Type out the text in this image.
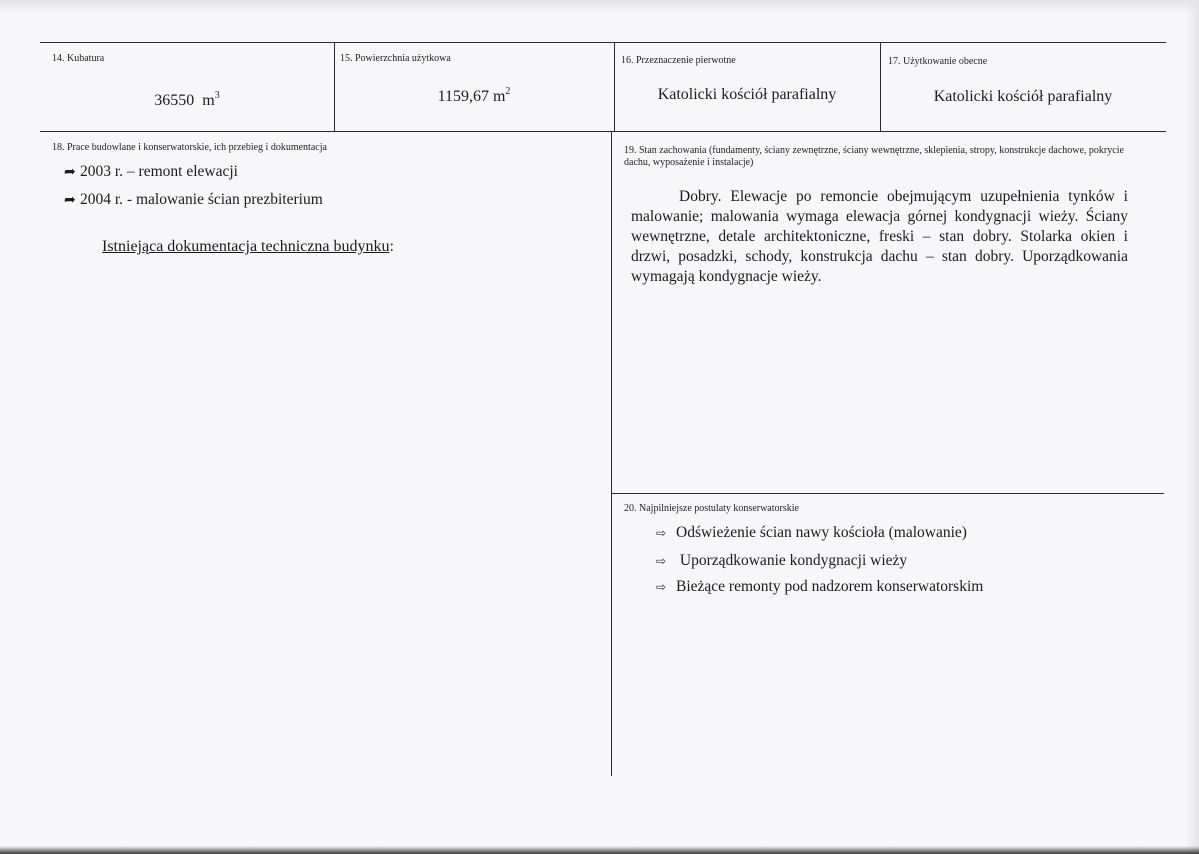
14. Kubatura
36550 $m^3$
15. Powierzchnia użytkowa
1159,67 $m^2$
16. Przeznaczenie pierwotne
Katolicki kościół parafialny
17. Użytkowanie obecne
Katolicki kościół parafialny
18. Prace budowlane i konserwatorskie, ich przebieg i dokumentacja
➦ 2003 r. – remont elewacji
➦ 2004 r. - malowanie ścian prezbiterium
Istniejąca dokumentacja techniczna budynku:
19. Stan zachowania (fundamenty, ściany zewnętrzne, ściany wewnętrzne, sklepienia, stropy, konstrukcje dachowe, pokrycie dachu, wyposażenie i instalacje)
Dobry. Elewacje po remoncie obejmującym uzupełnienia tynków i malowanie; malowania wymaga elewacja górnej kondygnacji wieży. Ściany wewnętrzne, detale architektoniczne, freski – stan dobry. Stolarka okien i drzwi, posadzki, schody, konstrukcja dachu – stan dobry. Uporządkowania wymagają kondygnacje wieży.
20. Najpilniejsze postulaty konserwatorskie
⇨ Odświeżenie ścian nawy kościoła (malowanie)
⇨ Uporządkowanie kondygnacji wieży
⇨ Bieżące remonty pod nadzorem konserwatorskim
